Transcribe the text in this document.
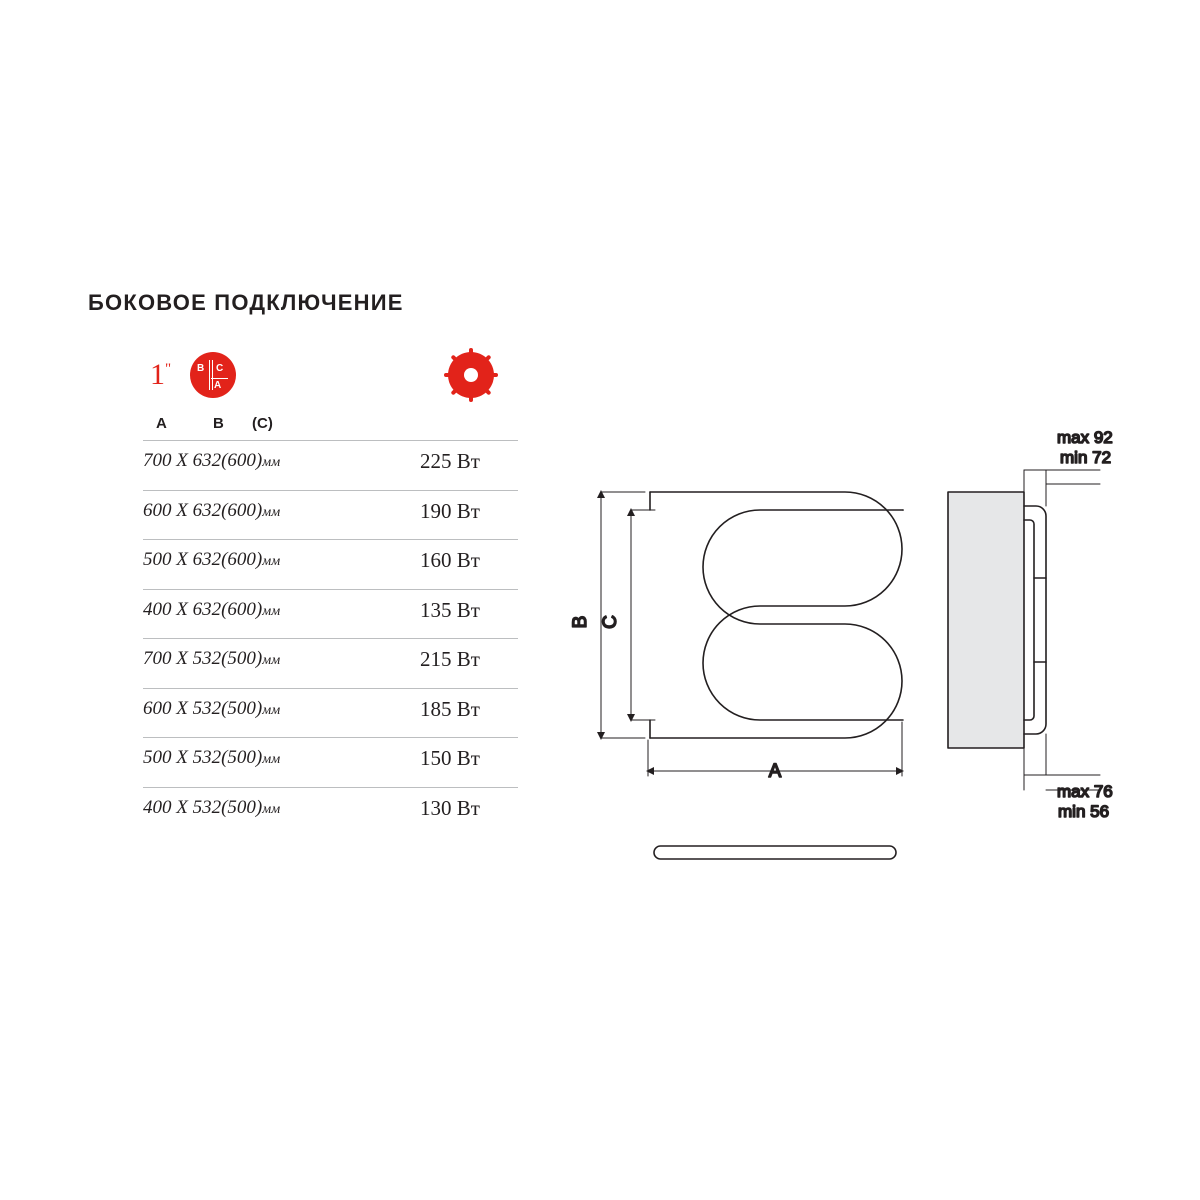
БОКОВОЕ ПОДКЛЮЧЕНИЕ
1"	B C
A
A	B (C)
700 X 632(600)мм	225 Вт
600 X 632(600)мм	190 Вт
500 X 632(600)мм	160 Вт
400 X 632(600)мм	135 Вт
700 X 532(500)мм	215 Вт
600 X 532(500)мм	185 Вт
500 X 532(500)мм	150 Вт
400 X 532(500)мм	130 Вт
B C
A
max 92
min 72
max 76
min 56
